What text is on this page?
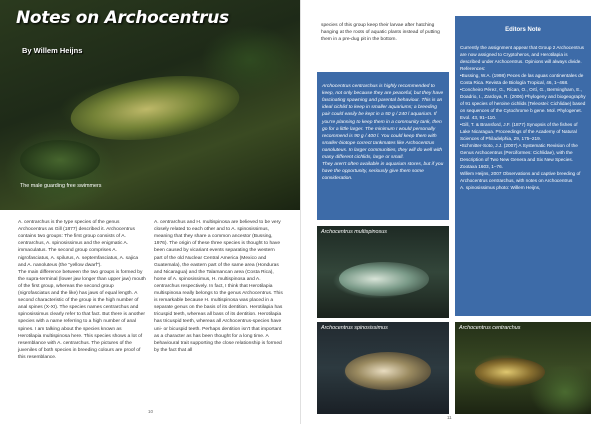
Notes on Archocentrus
By Willem Heijns
The male guarding free swimmers

A. centrarchus is the type species of the genus Archocentrus as Gill (1877) described it. Archocentrus contains two groups: The first group consists of A. centrarchus, A. spinosissimus and the enigmatic A. immaculatus. The second group comprises A. nigrofasciatus, A. spilurus, A. septemfasciatus, A. sajica and A. nanoluteus (the "yellow dwarf").
The main difference between the two groups is formed by the supra-terminal (lower jaw longer than upper jaw) mouth of the first group, whereas the second group (nigrofasciatus and the like) has jaws of equal length. A second characteristic of the group is the high number of anal spines (X-XI). The species names centrarchus and spinosissimus clearly refer to that fact. But there is another species with a name referring to a high number of anal spines. I am talking about the species known as Herotilapia multispinosa here. This species shows a lot of resemblance with A. centrarchus. The pictures of the juveniles of both species in breeding colours are proof of this resemblance.

A. centrarchus and H. multispinosa are believed to be very closely related to each other and to A. spinosissimus, meaning that they share a common ancestor (Bussing, 1976). The origin of these three species is thought to have been caused by vicariant events separating the western part of the old Nuclear Central America (Mexico and Guatemala), the eastern part of the same area (Honduras and Nicaragua) and the Talamancan area (Costa Rica), home of A. spinosissimus, H. multispinosa and A. centrarchus respectively. In fact, I think that Herotilapia multispinosa really belongs to the genus Archocentrus. This is remarkable because H. multispinosa was placed in a separate genus on the basis of its dentition. Herotilapia has tricuspid teeth, whereas all bass of its dentition. Herotilapia has tricuspid teeth, whereas all Archocentrus-species have uni- or bicuspid teeth. Perhaps dentition isn't that important as a character as has been thought for a long time. A behavioural trait supporting the close relationship is formed by the fact that all

10
species of this group keep their larvae after hatching hanging at the roots of aquatic plants instead of putting them in a pre-dug pit in the bottom.

Archocentrus centrarchus is highly recommended to keep, not only because they are peaceful, but they have fascinating spawning and parental behaviour. This is an ideal cichlid to keep in smaller aquariums; a breeding pair could easily be kept in a 50 g / 240 l aquarium. If you're planning to keep them in a community tank, then go for a little larger. The minimum I would personally recommend is 90 g / 400 l. You could keep them with smaller-biotope correct tankmates like Archocentrus nanoluteus. In larger communities, they will do well with many different cichlids, large or small.
They aren't often available in aquarium stores, but if you have the opportunity, seriously give them some consideration.

Editors Note

Currently the assignment appear that Group 2 Archocentrus are now assigned to Cryptoheros, and Herotilapia is described under Archocentrus. Opinions will always divide.
References:
•Bussing, W.A. (1998) Peces de las aguas continentales de Costa Rica. Revista de Biología Tropical, 46, 1–468.
•Concheiro Pérez, G., Rícan, O., Ortí, G., Bermingham, E., Doadrio, I., Zardoya, R. (2006) Phylogeny and biogeography of 91 species of heroine cichlids (Teleostei: Cichlidae) based on sequences of the Cytochrome b gene. Mol. Phylogenet. Evol. 43, 91–110.
•Gill, T. & Bransford, J.F. (1877) Synopsis of the fishes of Lake Nicaragua. Proceedings of the Academy of Natural Sciences of Philadelphia, 29, 175–219.
•Schmitter-Soto, J.J. (2007) A Systematic Revision of the Genus Archocentrus (Perciformes: Cichlidae), with the Description of Two New Genera and Six New Species. Zootaxa 1603, 1–76.
Willem Heijns, 2007 Observations and captive breeding of Archocentrus centrarchus, with notes on Archocentrus
A. spinosissimus photo: Willem Heijns,

Archocentrus multispinosus
Archocentrus spinosissimus	Archocentrus centrarchus
11
